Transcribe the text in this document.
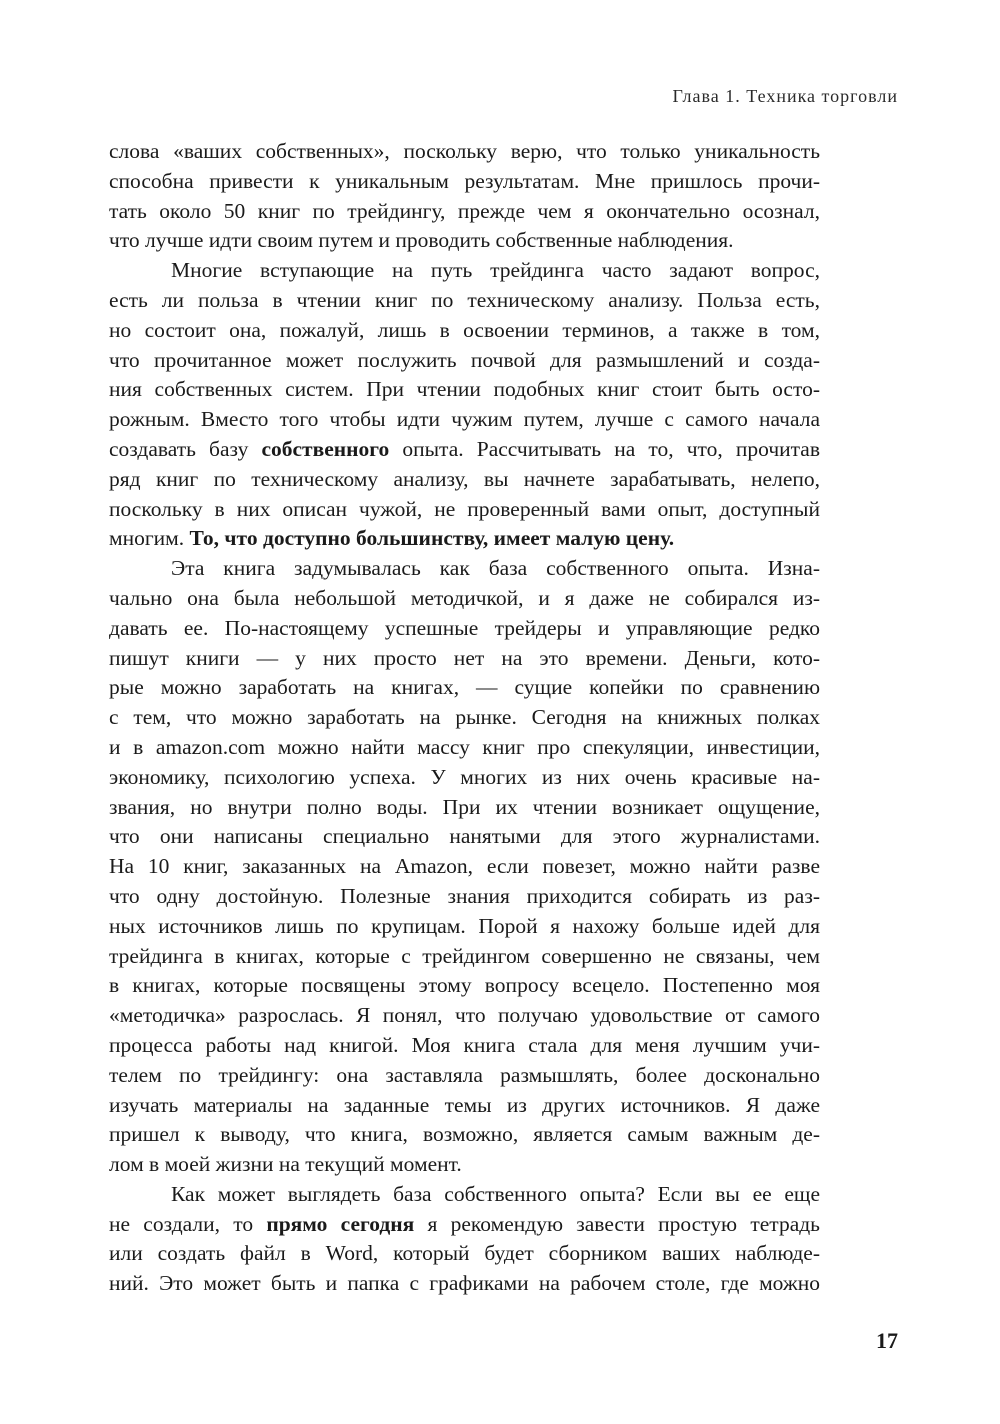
Глава 1. Техника торговли
слова «ваших собственных», поскольку верю, что только уникальность
способна привести к уникальным результатам. Мне пришлось прочи-
тать около 50 книг по трейдингу, прежде чем я окончательно осознал,
что лучше идти своим путем и проводить собственные наблюдения.
Многие вступающие на путь трейдинга часто задают вопрос,
есть ли польза в чтении книг по техническому анализу. Польза есть,
но состоит она, пожалуй, лишь в освоении терминов, а также в том,
что прочитанное может послужить почвой для размышлений и созда-
ния собственных систем. При чтении подобных книг стоит быть осто-
рожным. Вместо того чтобы идти чужим путем, лучше с самого начала
создавать базу собственного опыта. Рассчитывать на то, что, прочитав
ряд книг по техническому анализу, вы начнете зарабатывать, нелепо,
поскольку в них описан чужой, не проверенный вами опыт, доступный
многим. То, что доступно большинству, имеет малую цену.
Эта книга задумывалась как база собственного опыта. Изна-
чально она была небольшой методичкой, и я даже не собирался из-
давать ее. По-настоящему успешные трейдеры и управляющие редко
пишут книги — у них просто нет на это времени. Деньги, кото-
рые можно заработать на книгах, — сущие копейки по сравнению
с тем, что можно заработать на рынке. Сегодня на книжных полках
и в amazon.com можно найти массу книг про спекуляции, инвестиции,
экономику, психологию успеха. У многих из них очень красивые на-
звания, но внутри полно воды. При их чтении возникает ощущение,
что они написаны специально нанятыми для этого журналистами.
На 10 книг, заказанных на Amazon, если повезет, можно найти разве
что одну достойную. Полезные знания приходится собирать из раз-
ных источников лишь по крупицам. Порой я нахожу больше идей для
трейдинга в книгах, которые с трейдингом совершенно не связаны, чем
в книгах, которые посвящены этому вопросу всецело. Постепенно моя
«методичка» разрослась. Я понял, что получаю удовольствие от самого
процесса работы над книгой. Моя книга стала для меня лучшим учи-
телем по трейдингу: она заставляла размышлять, более досконально
изучать материалы на заданные темы из других источников. Я даже
пришел к выводу, что книга, возможно, является самым важным де-
лом в моей жизни на текущий момент.
Как может выглядеть база собственного опыта? Если вы ее еще
не создали, то прямо сегодня я рекомендую завести простую тетрадь
или создать файл в Word, который будет сборником ваших наблюде-
ний. Это может быть и папка с графиками на рабочем столе, где можно
17
